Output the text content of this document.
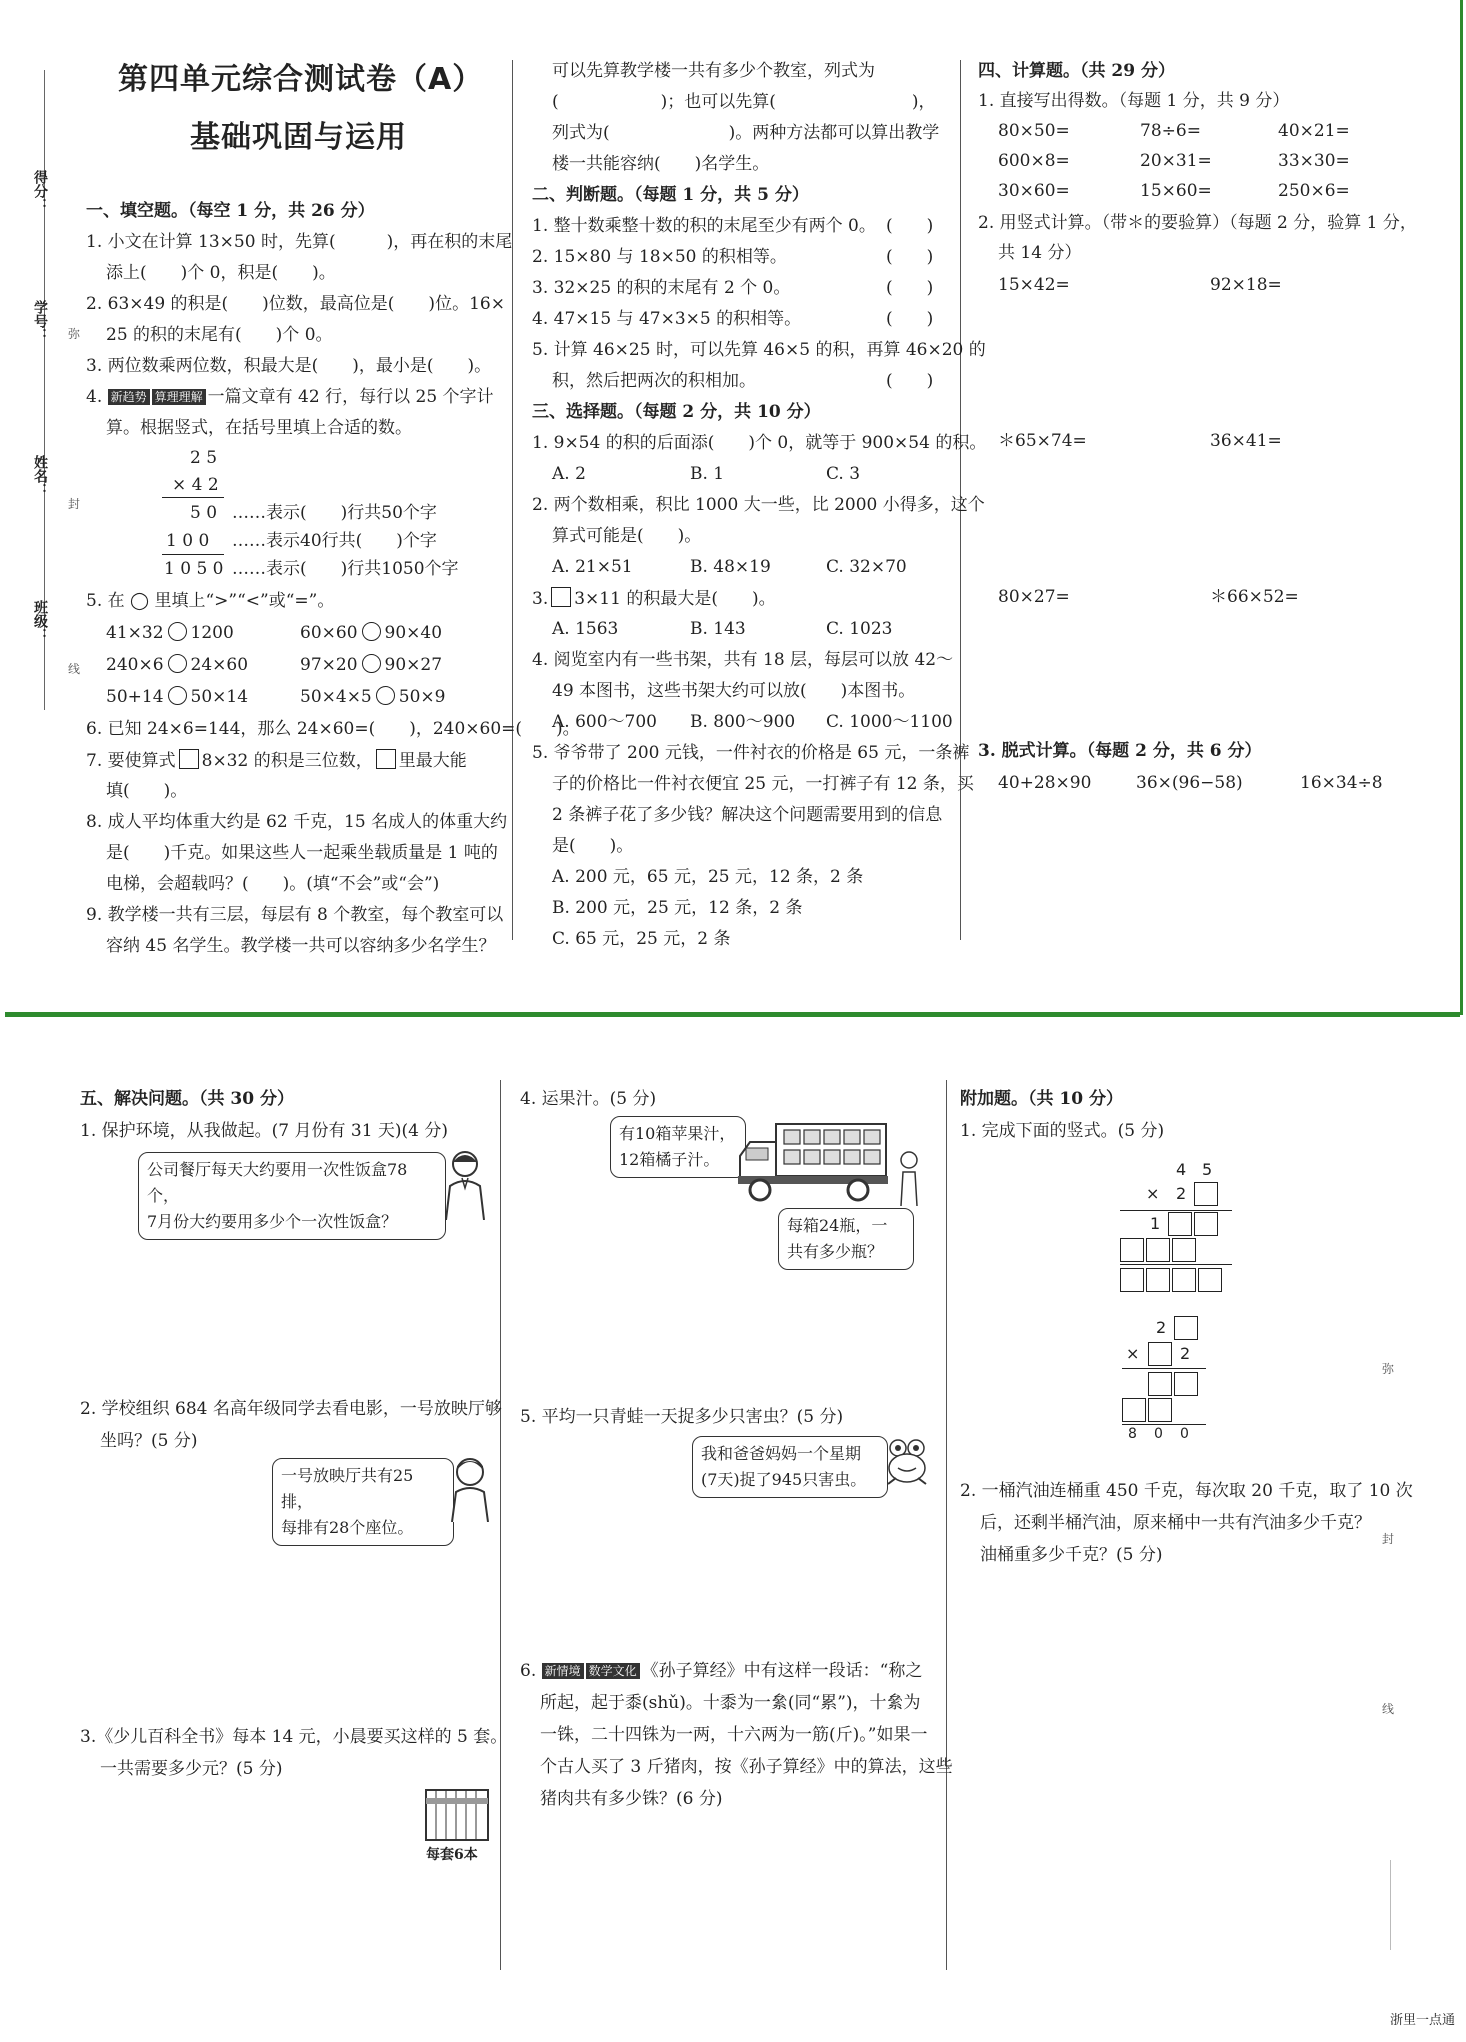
得分：
学号：
姓名：
班级：
弥
封
线
第四单元综合测试卷（A）
基础巩固与运用
一、填空题。（每空 1 分，共 26 分）
1. 小文在计算 13×50 时，先算(　　　)，再在积的末尾
添上(　　)个 0，积是(　　)。
2. 63×49 的积是(　　)位数，最高位是(　　)位。16×
25 的积的末尾有(　　)个 0。
3. 两位数乘两位数，积最大是(　　)，最小是(　　)。
4. 新趋势 算理理解 一篇文章有 42 行，每行以 25 个字计
算。根据竖式，在括号里填上合适的数。
2 5
× 4 2
5 0 ……表示(　　)行共50个字
1 0 0 ……表示40行共(　　)个字
1 0 5 0 ……表示(　　)行共1050个字
5. 在 ◯ 里填上“>”“<”或“=”。
41×32 1200	60×60 90×40
240×6 24×60	97×20 90×27
50+14 50×14	50×4×5 50×9
6. 已知 24×6=144，那么 24×60=(　　)，240×60=(　　)。
7. 要使算式 8×32 的积是三位数， 里最大能
填(　　)。
8. 成人平均体重大约是 62 千克，15 名成人的体重大约
是(　　)千克。如果这些人一起乘坐载质量是 1 吨的
电梯，会超载吗？(　　)。(填“不会”或“会”)
9. 教学楼一共有三层，每层有 8 个教室，每个教室可以
容纳 45 名学生。教学楼一共可以容纳多少名学生？
可以先算教学楼一共有多少个教室，列式为
(　　　　　　)；也可以先算(　　　　　　　　)，
列式为(　　　　　　　)。两种方法都可以算出教学
楼一共能容纳(　　)名学生。
二、判断题。（每题 1 分，共 5 分）
1. 整十数乘整十数的积的末尾至少有两个 0。 (　　)
2. 15×80 与 18×50 的积相等。	(　　)
3. 32×25 的积的末尾有 2 个 0。	(　　)
4. 47×15 与 47×3×5 的积相等。	(　　)
5. 计算 46×25 时，可以先算 46×5 的积，再算 46×20 的
积，然后把两次的积相加。	(　　)
三、选择题。（每题 2 分，共 10 分）
1. 9×54 的积的后面添(　　)个 0，就等于 900×54 的积。
A. 2	B. 1	C. 3
2. 两个数相乘，积比 1000 大一些，比 2000 小得多，这个
算式可能是(　　)。
A. 21×51	B. 48×19	C. 32×70
3. 3×11 的积最大是(　　)。
A. 1563	B. 143	C. 1023
4. 阅览室内有一些书架，共有 18 层，每层可以放 42～
49 本图书，这些书架大约可以放(　　)本图书。
A. 600～700 B. 800～900 C. 1000～1100
5. 爷爷带了 200 元钱，一件衬衣的价格是 65 元，一条裤
子的价格比一件衬衣便宜 25 元，一打裤子有 12 条，买
2 条裤子花了多少钱？解决这个问题需要用到的信息
是(　　)。
A. 200 元，65 元，25 元，12 条，2 条
B. 200 元，25 元，12 条，2 条
C. 65 元，25 元，2 条
四、计算题。（共 29 分）
1. 直接写出得数。（每题 1 分，共 9 分）
80×50=	78÷6=	40×21=
600×8=	20×31=	33×30=
30×60=	15×60=	250×6=
2. 用竖式计算。（带＊的要验算）（每题 2 分，验算 1 分，
共 14 分）
15×42=	92×18=
＊65×74=	36×41=
80×27=	＊66×52=
3. 脱式计算。（每题 2 分，共 6 分）
40+28×90	36×(96−58)	16×34÷8
五、解决问题。（共 30 分）
1. 保护环境，从我做起。(7 月份有 31 天)(4 分)
公司餐厅每天大约要用一次性饭盒78个，
7月份大约要用多少个一次性饭盒？
2. 学校组织 684 名高年级同学去看电影，一号放映厅够
坐吗？(5 分)
一号放映厅共有25排，
每排有28个座位。
3.《少儿百科全书》每本 14 元，小晨要买这样的 5 套。
一共需要多少元？(5 分)
每套6本
4. 运果汁。(5 分)
有10箱苹果汁，
12箱橘子汁。
每箱24瓶，一
共有多少瓶？
5. 平均一只青蛙一天捉多少只害虫？(5 分)
我和爸爸妈妈一个星期
(7天)捉了945只害虫。
6. 新情境 数学文化 《孙子算经》中有这样一段话：“称之
所起，起于黍(shǔ)。十黍为一絫(同“累”)，十絫为
一铢，二十四铢为一两，十六两为一筋(斤)。”如果一
个古人买了 3 斤猪肉，按《孙子算经》中的算法，这些
猪肉共有多少铢？(6 分)
附加题。（共 10 分）
1. 完成下面的竖式。(5 分)
4 5
× 2
1
2
×	2
8 0 0
2. 一桶汽油连桶重 450 千克，每次取 20 千克，取了 10 次
后，还剩半桶汽油，原来桶中一共有汽油多少千克？
油桶重多少千克？(5 分)
弥
封
线
浙里一点通
